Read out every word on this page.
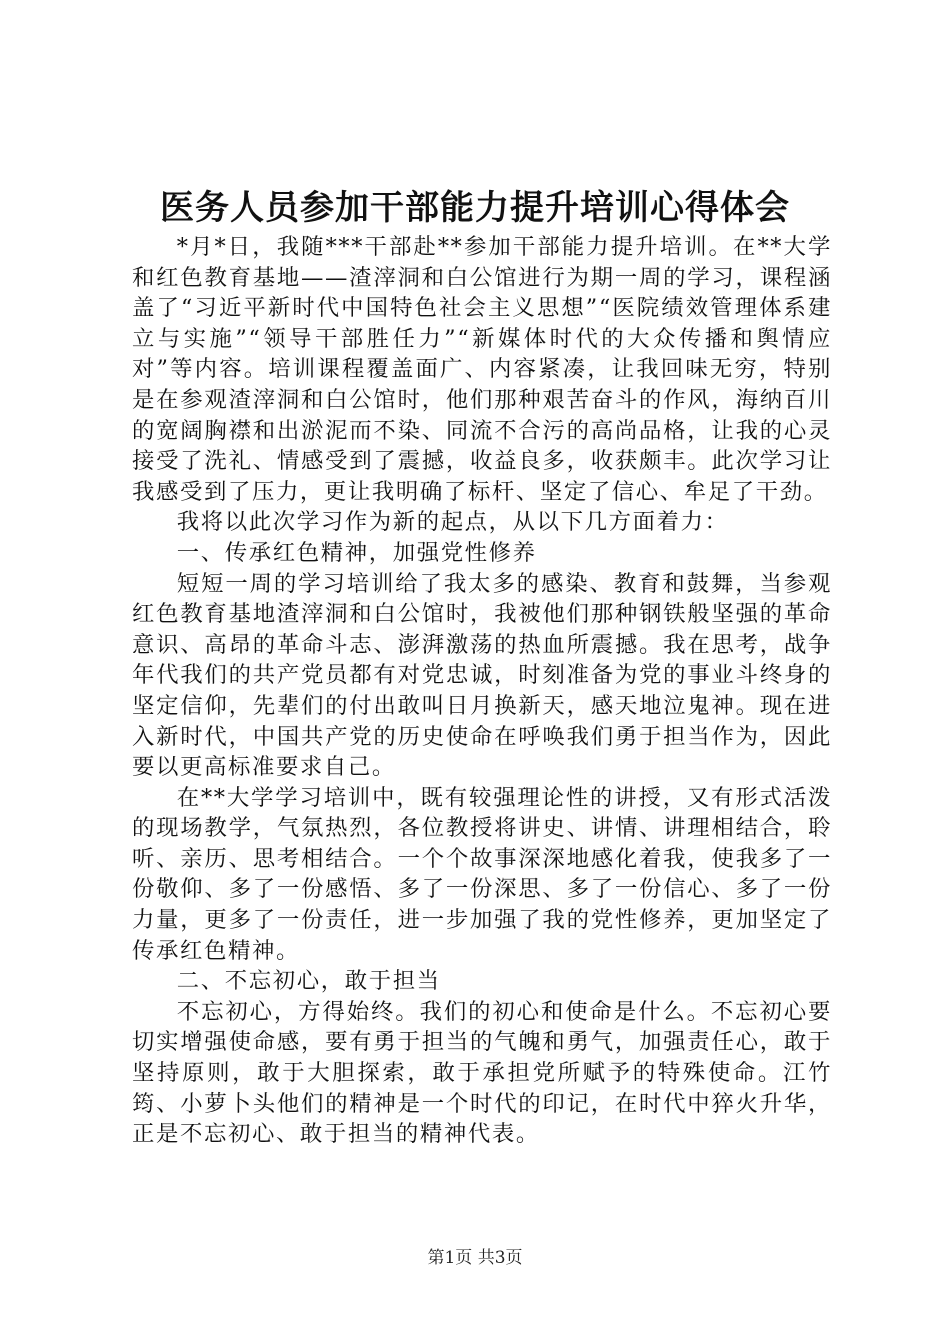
医务人员参加干部能力提升培训心得体会

*月*日，我随***干部赴**参加干部能力提升培训。在**大学和红色教育基地——渣滓洞和白公馆进行为期一周的学习，课程涵盖了“习近平新时代中国特色社会主义思想”“医院绩效管理体系建立与实施”“领导干部胜任力”“新媒体时代的大众传播和舆情应对”等内容。培训课程覆盖面广、内容紧凑，让我回味无穷，特别是在参观渣滓洞和白公馆时，他们那种艰苦奋斗的作风，海纳百川的宽阔胸襟和出淤泥而不染、同流不合污的高尚品格，让我的心灵接受了洗礼、情感受到了震撼，收益良多，收获颇丰。此次学习让我感受到了压力，更让我明确了标杆、坚定了信心、牟足了干劲。

我将以此次学习作为新的起点，从以下几方面着力：

一、传承红色精神，加强党性修养

短短一周的学习培训给了我太多的感染、教育和鼓舞，当参观红色教育基地渣滓洞和白公馆时，我被他们那种钢铁般坚强的革命意识、高昂的革命斗志、澎湃激荡的热血所震撼。我在思考，战争年代我们的共产党员都有对党忠诚，时刻准备为党的事业斗终身的坚定信仰，先辈们的付出敢叫日月换新天，感天地泣鬼神。现在进入新时代，中国共产党的历史使命在呼唤我们勇于担当作为，因此要以更高标准要求自己。

在**大学学习培训中，既有较强理论性的讲授，又有形式活泼的现场教学，气氛热烈，各位教授将讲史、讲情、讲理相结合，聆听、亲历、思考相结合。一个个故事深深地感化着我，使我多了一份敬仰、多了一份感悟、多了一份深思、多了一份信心、多了一份力量，更多了一份责任，进一步加强了我的党性修养，更加坚定了传承红色精神。

二、不忘初心，敢于担当

不忘初心，方得始终。我们的初心和使命是什么。不忘初心要切实增强使命感，要有勇于担当的气魄和勇气，加强责任心，敢于坚持原则，敢于大胆探索，敢于承担党所赋予的特殊使命。江竹筠、小萝卜头他们的精神是一个时代的印记，在时代中猝火升华，正是不忘初心、敢于担当的精神代表。

第1页 共3页
